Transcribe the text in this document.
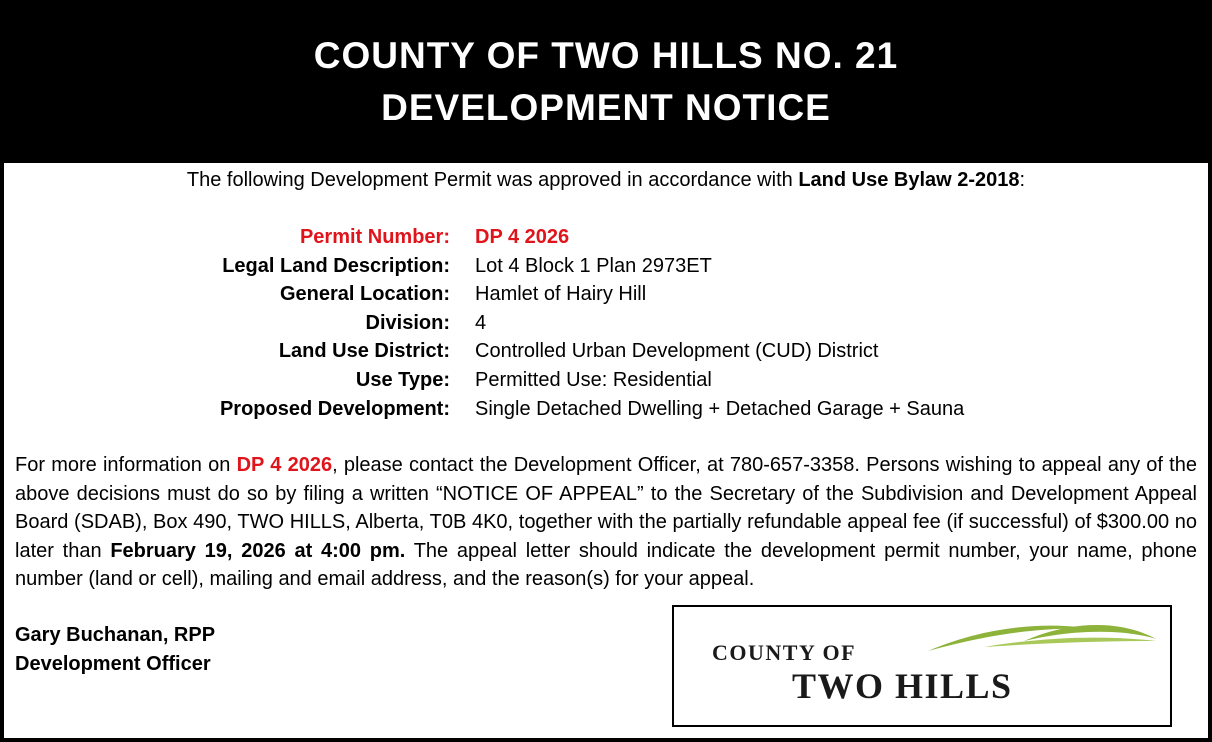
COUNTY OF TWO HILLS NO. 21
DEVELOPMENT NOTICE
The following Development Permit was approved in accordance with Land Use Bylaw 2-2018:
Permit Number: DP 4 2026
Legal Land Description: Lot 4 Block 1 Plan 2973ET
General Location: Hamlet of Hairy Hill
Division: 4
Land Use District: Controlled Urban Development (CUD) District
Use Type: Permitted Use: Residential
Proposed Development: Single Detached Dwelling + Detached Garage + Sauna
For more information on DP 4 2026, please contact the Development Officer, at 780-657-3358. Persons wishing to appeal any of the above decisions must do so by filing a written “NOTICE OF APPEAL” to the Secretary of the Subdivision and Development Appeal Board (SDAB), Box 490, TWO HILLS, Alberta, T0B 4K0, together with the partially refundable appeal fee (if successful) of $300.00 no later than February 19, 2026 at 4:00 pm. The appeal letter should indicate the development permit number, your name, phone number (land or cell), mailing and email address, and the reason(s) for your appeal.
Gary Buchanan, RPP
Development Officer	COUNTY OF
TWO HILLS
